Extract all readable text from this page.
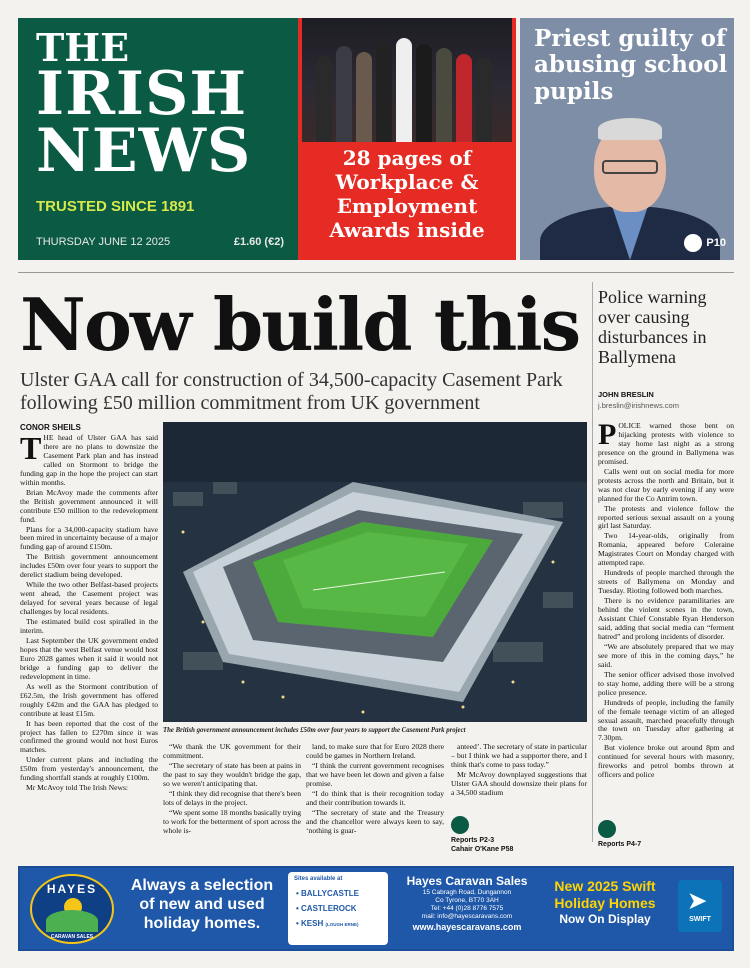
THE
IRISH
NEWS
TRUSTED SINCE 1891
THURSDAY JUNE 12 2025	£1.60 (€2)
28 pages of
Workplace &
Employment
Awards inside
Priest guilty of abusing school pupils
P10
Now build this
Ulster GAA call for construction of 34,500-capacity Casement Park following £50 million commitment from UK government
CONOR SHEILS

THE head of Ulster GAA has said there are no plans to downsize the Casement Park plan and has instead called on Stormont to bridge the funding gap in the hope the project can start within months.

Brian McAvoy made the comments after the British government announced it will contribute £50 million to the redevelopment fund.

Plans for a 34,000-capacity stadium have been mired in uncertainty because of a major funding gap of around £150m.

The British government announcement includes £50m over four years to support the derelict stadium being developed.

While the two other Belfast-based projects went ahead, the Casement project was delayed for several years because of legal challenges by local residents.

The estimated build cost spiralled in the interim.

Last September the UK government ended hopes that the west Belfast venue would host Euro 2028 games when it said it would not bridge a funding gap to deliver the redevelopment in time.

As well as the Stormont contribution of £62.5m, the Irish government has offered roughly £42m and the GAA has pledged to contribute at least £15m.

It has been reported that the cost of the project has fallen to £270m since it was confirmed the ground would not host Euros matches.

Under current plans and including the £50m from yesterday's announcement, the funding shortfall stands at roughly £100m.

Mr McAvoy told The Irish News:

The British government announcement includes £50m over four years to support the Casement Park project

“We thank the UK government for their commitment.

“The secretary of state has been at pains in the past to say they wouldn't bridge the gap, so we weren't anticipating that.

“I think they did recognise that there's been lots of delays in the project.

“We spent some 18 months basically trying to work for the betterment of sport across the whole is-

land, to make sure that for Euro 2028 there could be games in Northern Ireland.

“I think the current government recognises that we have been let down and given a false promise.

“I do think that is their recognition today and their contribution towards it.

“The secretary of state and the Treasury and the chancellor were always keen to say, ‘nothing is guar-

anteed’. The secretary of state in particular – but I think we had a supporter there, and I think that's come to pass today.”

Mr McAvoy downplayed suggestions that Ulster GAA should downsize their plans for a 34,500 stadium

Reports P2-3
Cahair O'Kane P58
Police warning over causing disturbances in Ballymena
JOHN BRESLIN
j.breslin@irishnews.com

POLICE warned those bent on hijacking protests with violence to stay home last night as a strong presence on the ground in Ballymena was promised.

Calls went out on social media for more protests across the north and Britain, but it was not clear by early evening if any were planned for the Co Antrim town.

The protests and violence follow the reported serious sexual assault on a young girl last Saturday.

Two 14-year-olds, originally from Romania, appeared before Coleraine Magistrates Court on Monday charged with attempted rape.

Hundreds of people marched through the streets of Ballymena on Monday and Tuesday. Rioting followed both marches.

There is no evidence paramilitaries are behind the violent scenes in the town, Assistant Chief Constable Ryan Henderson said, adding that social media can “ferment hatred” and prolong incidents of disorder.

“We are absolutely prepared that we may see more of this in the coming days,” he said.

The senior officer advised those involved to stay home, adding there will be a strong police presence.

Hundreds of people, including the family of the female teenage victim of an alleged sexual assault, marched peacefully through the town on Tuesday after gathering at 7.30pm.

But violence broke out around 8pm and continued for several hours with masonry, fireworks and petrol bombs thrown at officers and police

Reports P4-7
HAYES
CARAVAN SALES
Always a selection of new and used holiday homes.
Sites available at
• BALLYCASTLE
• CASTLEROCK
• KESH (LOUGH ERNE)
Hayes Caravan Sales
15 Cabragh Road, Dungannon
Co Tyrone, BT70 3AH
Tel: +44 (0)28 8776 7575
mail: info@hayescaravans.com
www.hayescaravans.com
New 2025 Swift
Holiday Homes
Now On Display
➤
SWIFT
